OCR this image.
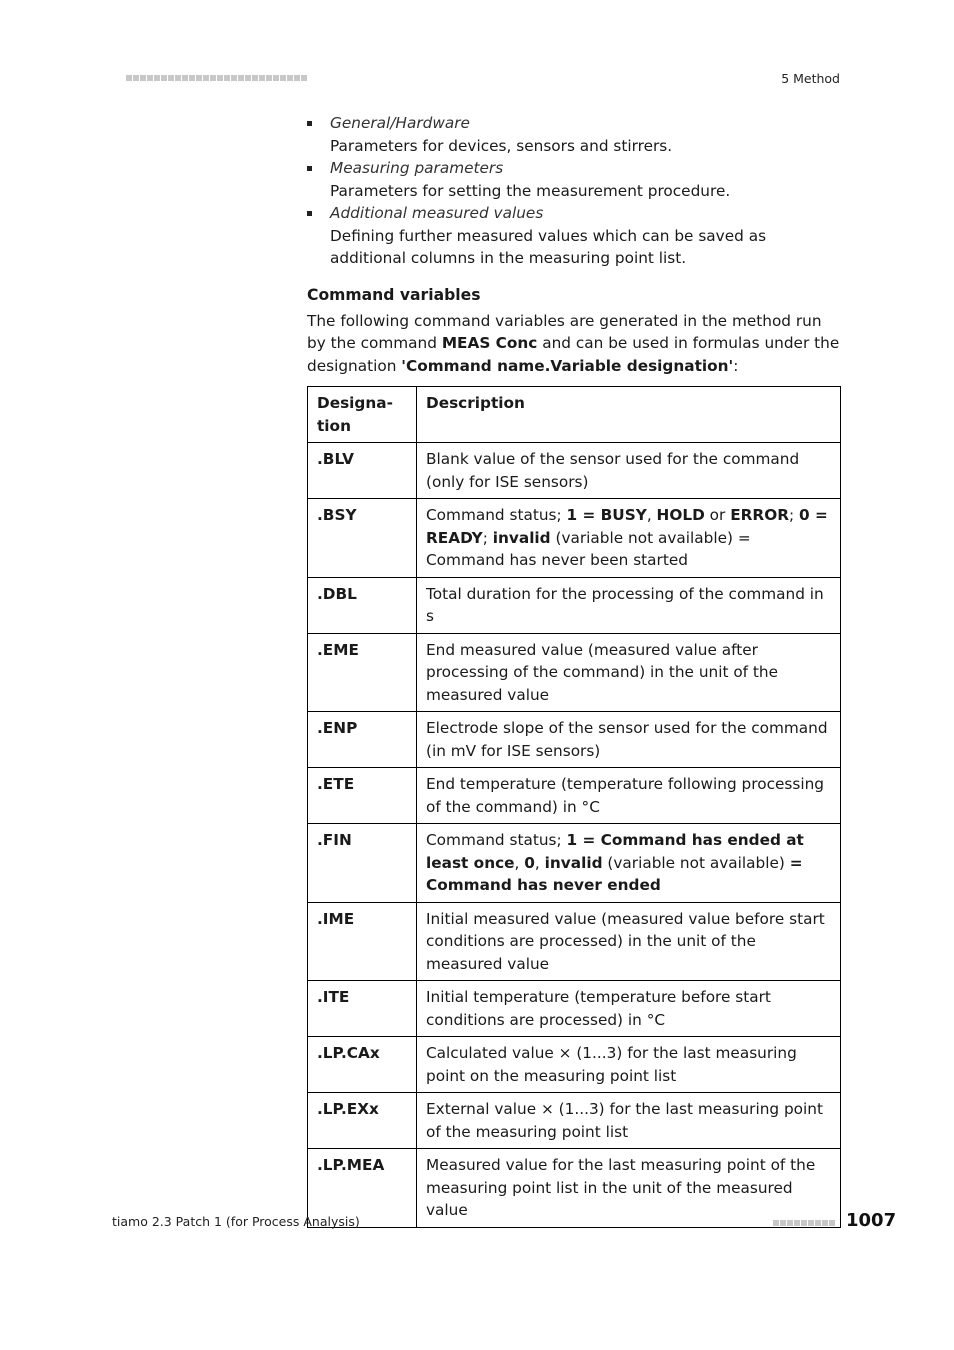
5 Method
General/Hardware
Parameters for devices, sensors and stirrers.
Measuring parameters
Parameters for setting the measurement procedure.
Additional measured values
Defining further measured values which can be saved as additional columns in the measuring point list.
Command variables

The following command variables are generated in the method run by the command MEAS Conc and can be used in formulas under the designation 'Command name.Variable designation':

Designa-tion	Description
.BLV	Blank value of the sensor used for the command (only for ISE sensors)
.BSY	Command status; 1 = BUSY, HOLD or ERROR; 0 = READY; invalid (variable not available) = Command has never been started
.DBL	Total duration for the processing of the command in s
.EME	End measured value (measured value after processing of the command) in the unit of the measured value
.ENP	Electrode slope of the sensor used for the command (in mV for ISE sensors)
.ETE	End temperature (temperature following processing of the command) in °C
.FIN	Command status; 1 = Command has ended at least once, 0, invalid (variable not available) = Command has never ended
.IME	Initial measured value (measured value before start conditions are processed) in the unit of the measured value
.ITE	Initial temperature (temperature before start conditions are processed) in °C
.LP.CAx	Calculated value × (1...3) for the last measuring point on the measuring point list
.LP.EXx	External value × (1...3) for the last measuring point of the measuring point list
.LP.MEA	Measured value for the last measuring point of the measuring point list in the unit of the measured value
tiamo 2.3 Patch 1 (for Process Analysis)	1007
